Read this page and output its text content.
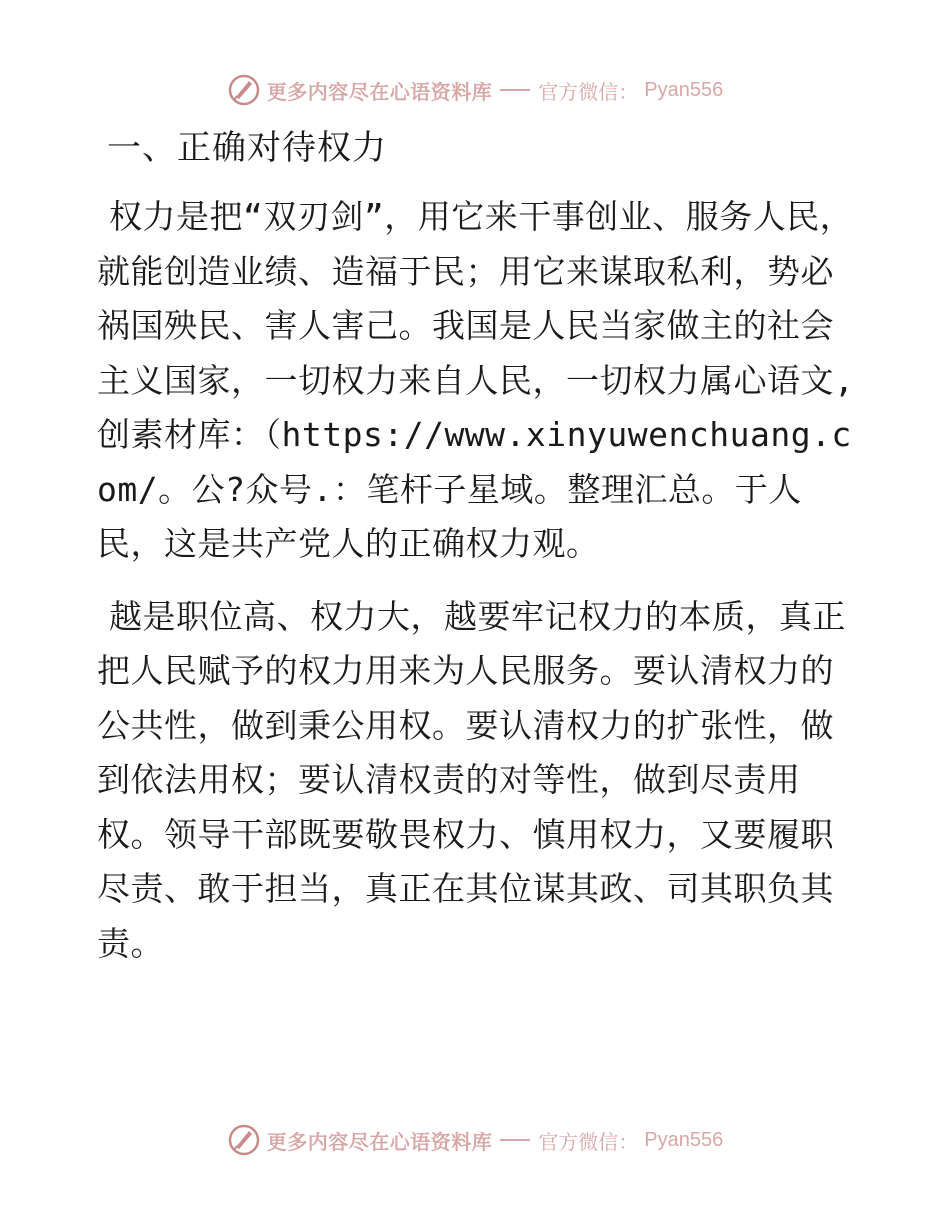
更多内容尽在心语资料库 官方微信： Pyan556
一、正确对待权力

权力是把“双刃剑”，用它来干事创业、服务人民，就能创造业绩、造福于民；用它来谋取私利，势必祸国殃民、害人害己。我国是人民当家做主的社会主义国家，一切权力来自人民，一切权力属心语文,创素材库：（https://www.xinyuwenchuang.com/。公?众号.：笔杆子星域。整理汇总。于人民，这是共产党人的正确权力观。

越是职位高、权力大，越要牢记权力的本质，真正把人民赋予的权力用来为人民服务。要认清权力的公共性，做到秉公用权。要认清权力的扩张性，做到依法用权；要认清权责的对等性，做到尽责用权。领导干部既要敬畏权力、慎用权力，又要履职尽责、敢于担当，真正在其位谋其政、司其职负其责。

更多内容尽在心语资料库 官方微信： Pyan556
